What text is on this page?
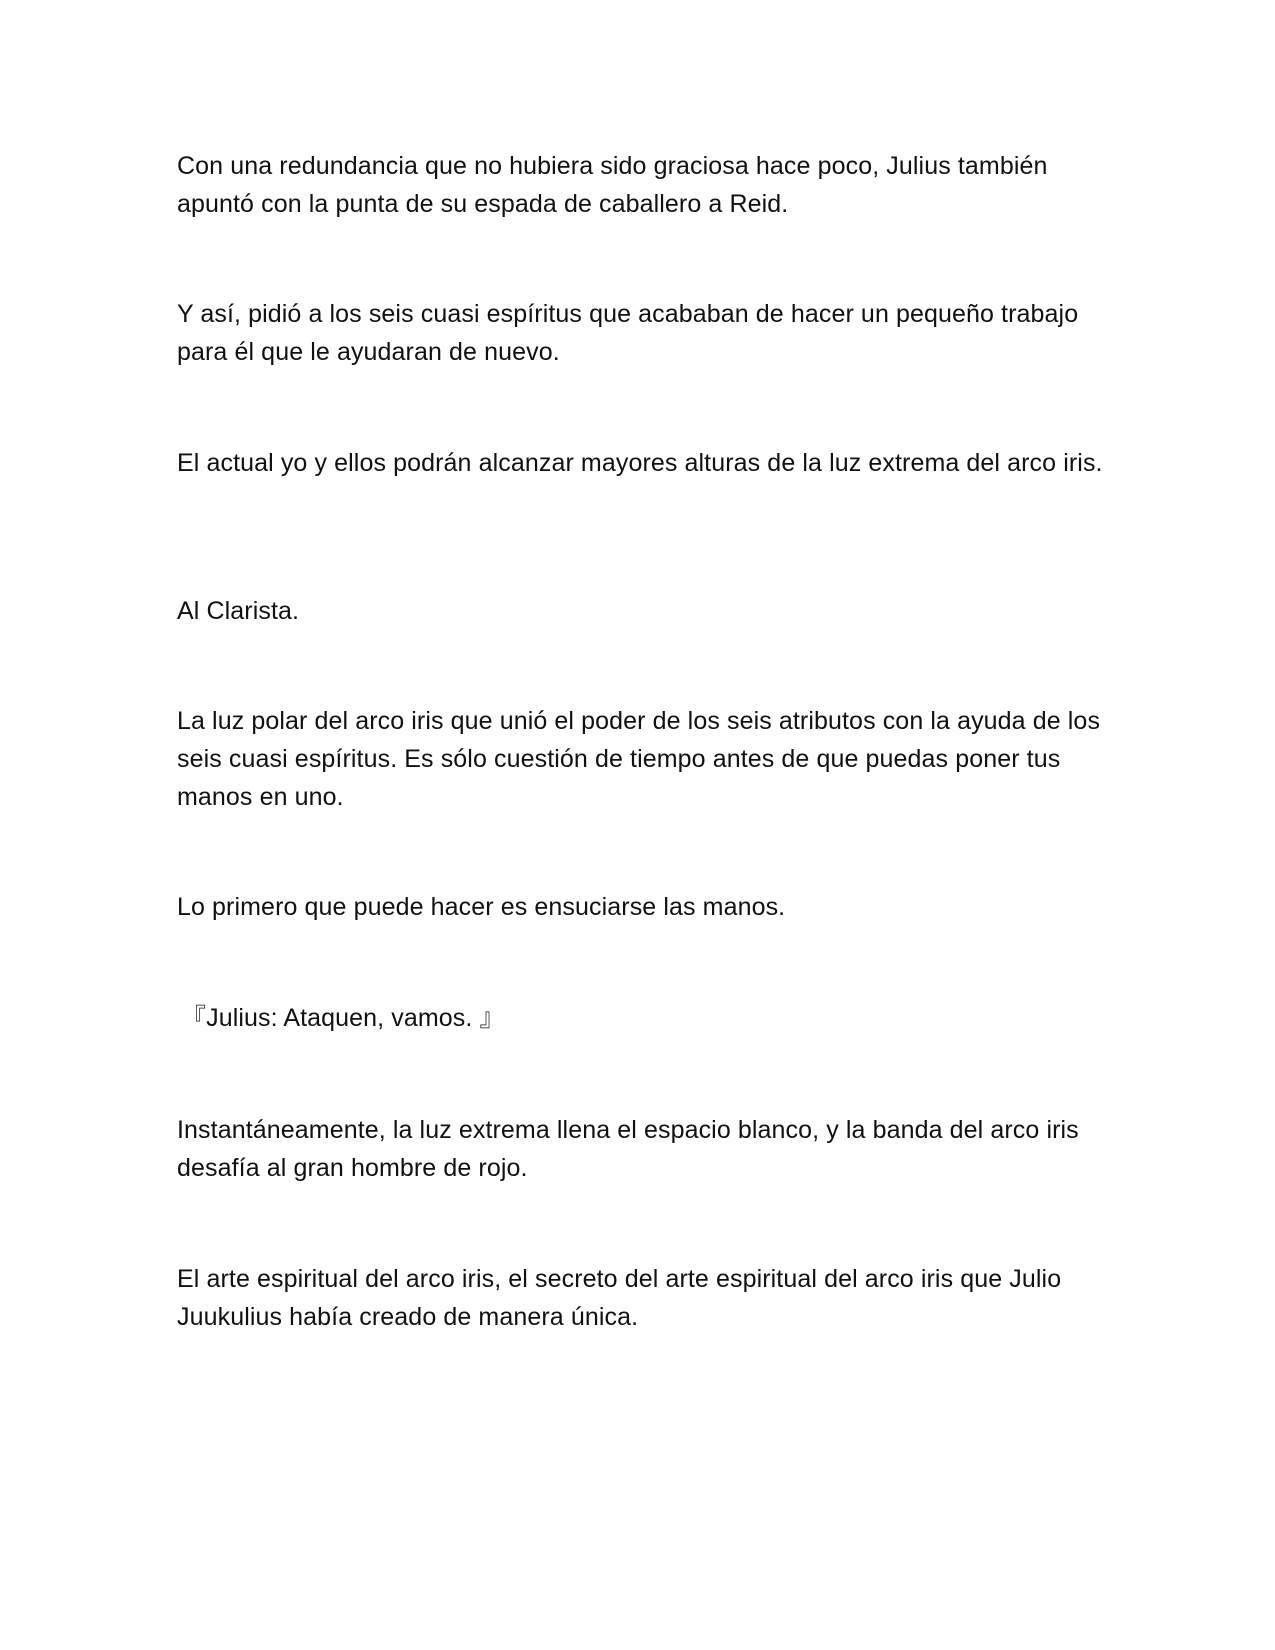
Con una redundancia que no hubiera sido graciosa hace poco, Julius también apuntó con la punta de su espada de caballero a Reid.

Y así, pidió a los seis cuasi espíritus que acababan de hacer un pequeño trabajo para él que le ayudaran de nuevo.

El actual yo y ellos podrán alcanzar mayores alturas de la luz extrema del arco iris.

Al Clarista.

La luz polar del arco iris que unió el poder de los seis atributos con la ayuda de los seis cuasi espíritus. Es sólo cuestión de tiempo antes de que puedas poner tus manos en uno.

Lo primero que puede hacer es ensuciarse las manos.

『Julius: Ataquen, vamos. 』

Instantáneamente, la luz extrema llena el espacio blanco, y la banda del arco iris desafía al gran hombre de rojo.

El arte espiritual del arco iris, el secreto del arte espiritual del arco iris que Julio Juukulius había creado de manera única.
